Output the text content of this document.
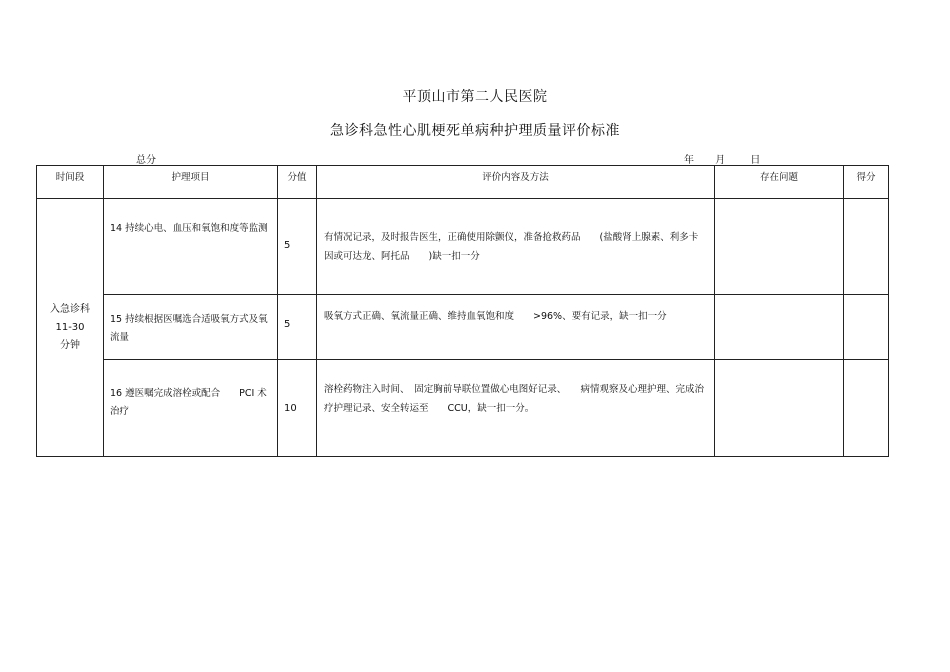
平顶山市第二人民医院
急诊科急性心肌梗死单病种护理质量评价标准
总分	年 月	日
时间段	护理项目	分值	评价内容及方法	存在问题	得分

入急诊科
11-30
分钟	14 持续心电、血压和氧饱和度等监测	5	有情况记录，及时报告医生，正确使用除颤仪，准备抢救药品　　(盐酸肾上腺素、利多卡因或可达龙、阿托品　　)缺一扣一分		

	15 持续根据医嘱选合适吸氧方式及氧流量	5	吸氧方式正确、氧流量正确、维持血氧饱和度　　>96%、要有记录，缺一扣一分		

	16 遵医嘱完成溶栓或配合　　PCI 术治疗	10	溶栓药物注入时间、　固定胸前导联位置做心电图好记录、　　病情观察及心理护理、完成治疗护理记录、安全转运至　　CCU，缺一扣一分。		
